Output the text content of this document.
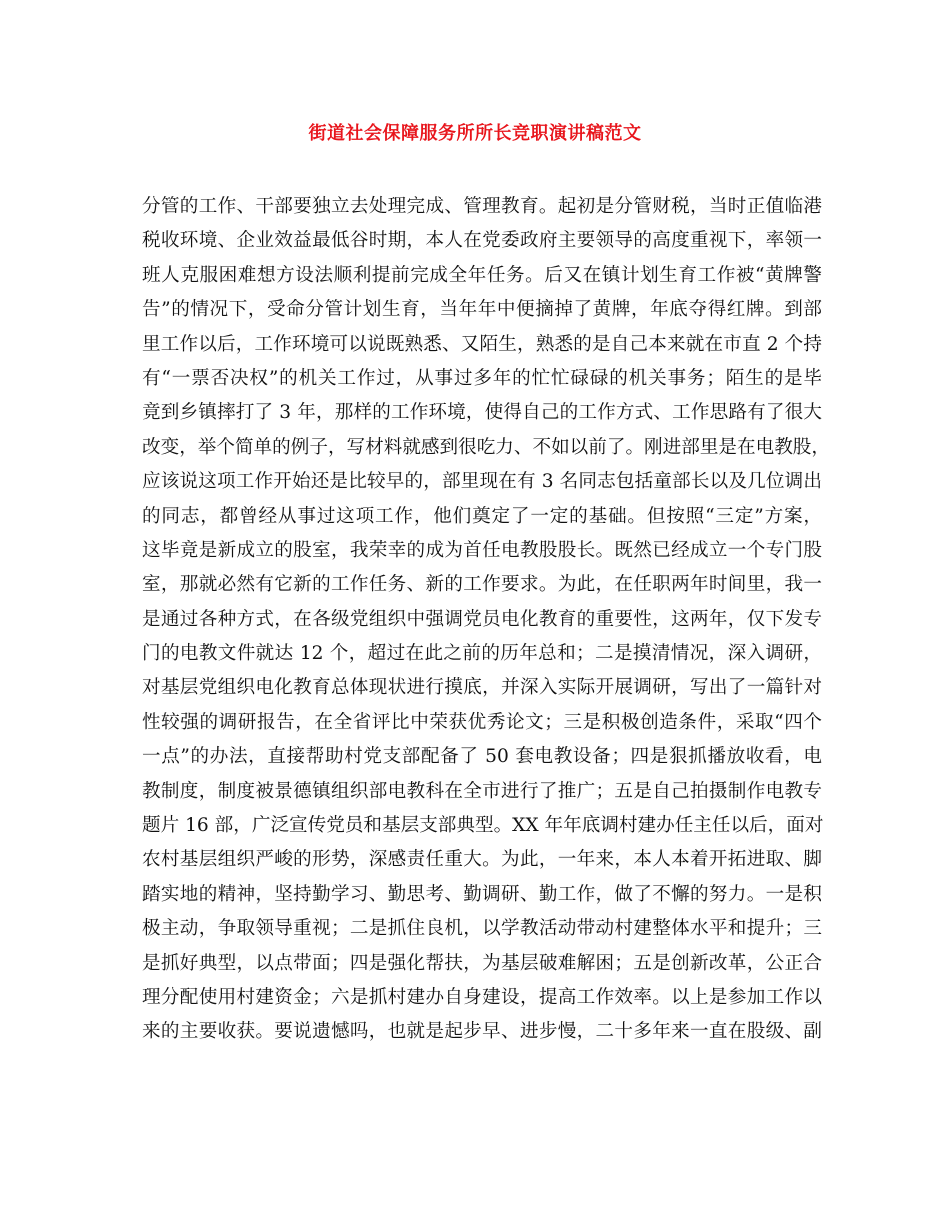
街道社会保障服务所所长竞职演讲稿范文
分管的工作、干部要独立去处理完成、管理教育。起初是分管财税，当时正值临港
税收环境、企业效益最低谷时期，本人在党委政府主要领导的高度重视下，率领一
班人克服困难想方设法顺利提前完成全年任务。后又在镇计划生育工作被“黄牌警
告”的情况下，受命分管计划生育，当年年中便摘掉了黄牌，年底夺得红牌。到部
里工作以后，工作环境可以说既熟悉、又陌生，熟悉的是自己本来就在市直 2 个持
有“一票否决权”的机关工作过，从事过多年的忙忙碌碌的机关事务；陌生的是毕
竟到乡镇摔打了 3 年，那样的工作环境，使得自己的工作方式、工作思路有了很大
改变，举个简单的例子，写材料就感到很吃力、不如以前了。刚进部里是在电教股，
应该说这项工作开始还是比较早的，部里现在有 3 名同志包括童部长以及几位调出
的同志，都曾经从事过这项工作，他们奠定了一定的基础。但按照“三定”方案，
这毕竟是新成立的股室，我荣幸的成为首任电教股股长。既然已经成立一个专门股
室，那就必然有它新的工作任务、新的工作要求。为此，在任职两年时间里，我一
是通过各种方式，在各级党组织中强调党员电化教育的重要性，这两年，仅下发专
门的电教文件就达 12 个，超过在此之前的历年总和；二是摸清情况，深入调研，
对基层党组织电化教育总体现状进行摸底，并深入实际开展调研，写出了一篇针对
性较强的调研报告，在全省评比中荣获优秀论文；三是积极创造条件，采取“四个
一点”的办法，直接帮助村党支部配备了 50 套电教设备；四是狠抓播放收看，电
教制度，制度被景德镇组织部电教科在全市进行了推广；五是自己拍摄制作电教专
题片 16 部，广泛宣传党员和基层支部典型。XX 年年底调村建办任主任以后，面对
农村基层组织严峻的形势，深感责任重大。为此，一年来，本人本着开拓进取、脚
踏实地的精神，坚持勤学习、勤思考、勤调研、勤工作，做了不懈的努力。一是积
极主动，争取领导重视；二是抓住良机，以学教活动带动村建整体水平和提升；三
是抓好典型，以点带面；四是强化帮扶，为基层破难解困；五是创新改革，公正合
理分配使用村建资金；六是抓村建办自身建设，提高工作效率。以上是参加工作以
来的主要收获。要说遗憾吗，也就是起步早、进步慢，二十多年来一直在股级、副
